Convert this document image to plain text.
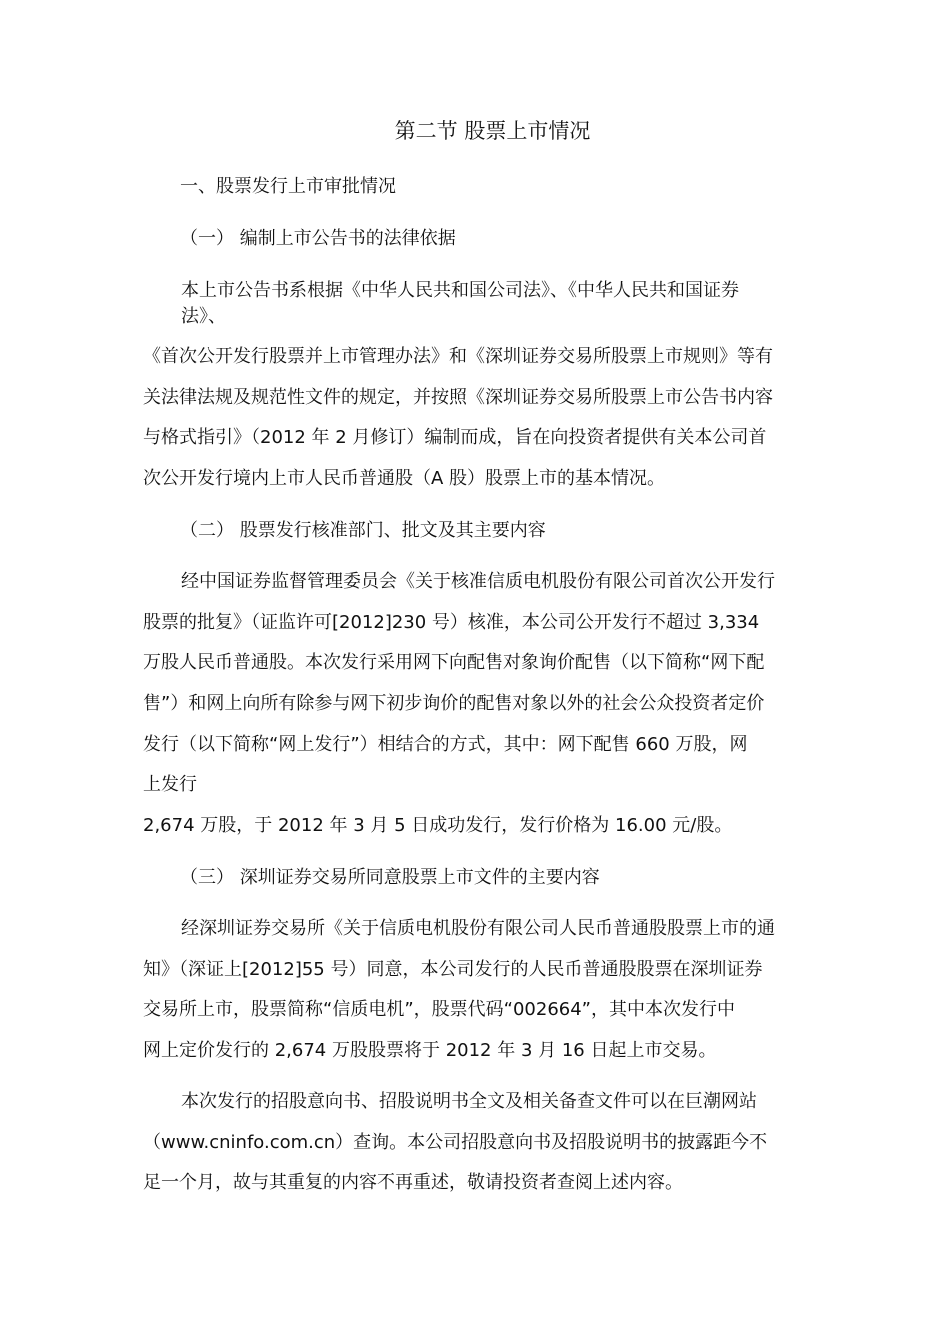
第二节 股票上市情况
一、股票发行上市审批情况
（一） 编制上市公告书的法律依据
本上市公告书系根据《中华人民共和国公司法》、《中华人民共和国证券
法》、
《首次公开发行股票并上市管理办法》和《深圳证券交易所股票上市规则》等有
关法律法规及规范性文件的规定，并按照《深圳证券交易所股票上市公告书内容
与格式指引》（2012 年 2 月修订）编制而成，旨在向投资者提供有关本公司首
次公开发行境内上市人民币普通股（A 股）股票上市的基本情况。
（二） 股票发行核准部门、批文及其主要内容
经中国证券监督管理委员会《关于核准信质电机股份有限公司首次公开发行
股票的批复》（证监许可[2012]230 号）核准，本公司公开发行不超过 3,334
万股人民币普通股。本次发行采用网下向配售对象询价配售（以下简称“网下配
售”）和网上向所有除参与网下初步询价的配售对象以外的社会公众投资者定价
发行（以下简称“网上发行”）相结合的方式，其中：网下配售 660 万股，网
上发行
2,674 万股，于 2012 年 3 月 5 日成功发行，发行价格为 16.00 元/股。
（三） 深圳证券交易所同意股票上市文件的主要内容
经深圳证券交易所《关于信质电机股份有限公司人民币普通股股票上市的通
知》（深证上[2012]55 号）同意，本公司发行的人民币普通股股票在深圳证券
交易所上市，股票简称“信质电机”，股票代码“002664”，其中本次发行中
网上定价发行的 2,674 万股股票将于 2012 年 3 月 16 日起上市交易。
本次发行的招股意向书、招股说明书全文及相关备查文件可以在巨潮网站
（www.cninfo.com.cn）查询。本公司招股意向书及招股说明书的披露距今不
足一个月，故与其重复的内容不再重述，敬请投资者查阅上述内容。
